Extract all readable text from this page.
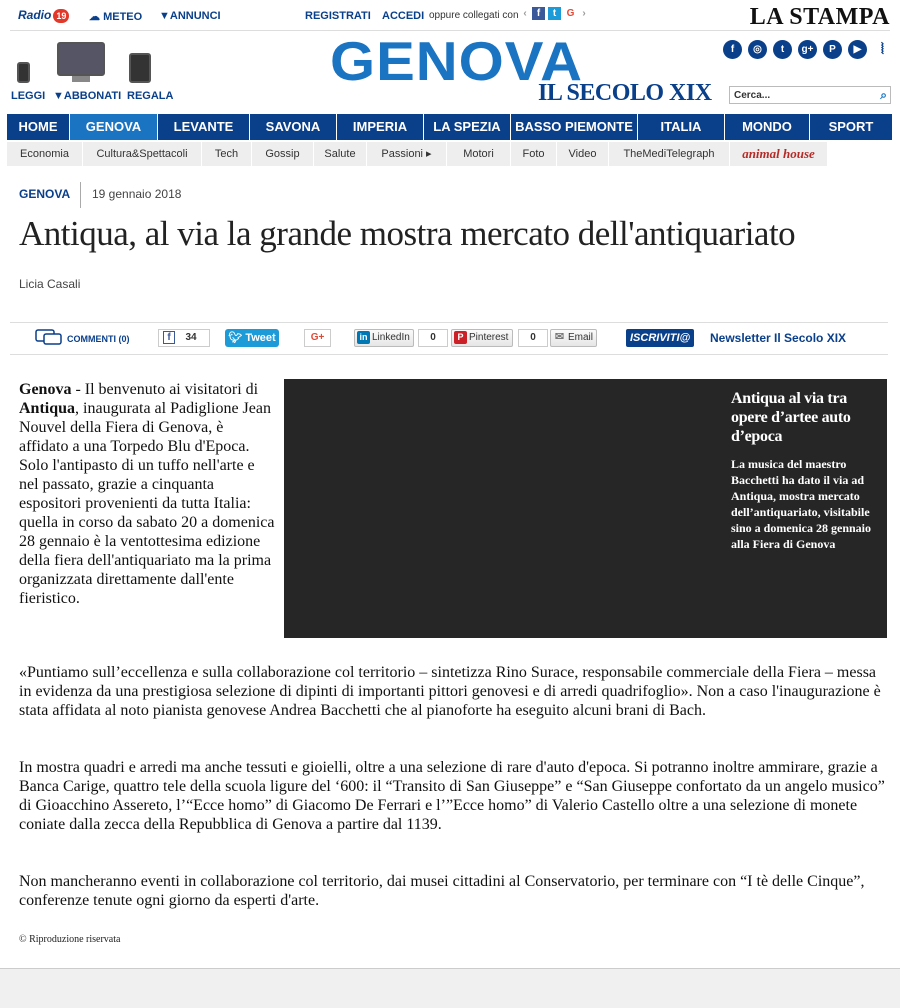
Radio 19 ☁ METEO ▼ANNUNCI	REGISTRATI ACCEDI oppure collegati con ‹	f	t	G ›	LA STAMPA
LEGGI ▼ABBONATI REGALA
GENOVA
IL SECOLO XIX
f	◎	t	g+	P	▶	⦚
Cerca...	⌕
HOME	GENOVA	LEVANTE	SAVONA	IMPERIA	LA SPEZIA	BASSO PIEMONTE	ITALIA	MONDO	SPORT
Economia	Cultura&Spettacoli	Tech	Gossip	Salute	Passioni ▸	Motori	Foto	Video	TheMediTelegraph	animal house
GENOVA 19 gennaio 2018
Antiqua, al via la grande mostra mercato dell'antiquariato
Licia Casali
COMMENTI (0)	f	34	🐦︎ Tweet	G+	in LinkedIn	0	P Pinterest	0	✉ Email	ISCRIVITI@	Newsletter Il Secolo XIX
Genova - Il benvenuto ai visitatori di Antiqua, inaugurata al Padiglione Jean Nouvel della Fiera di Genova, è affidato a una Torpedo Blu d'Epoca.
Solo l'antipasto di un tuffo nell'arte e nel passato, grazie a cinquanta espositori provenienti da tutta Italia: quella in corso da sabato 20 a domenica 28 gennaio è la ventottesima edizione della fiera dell'antiquariato ma la prima organizzata direttamente dall'ente fieristico.
Antiqua al via tra opere d’artee auto d’epoca
La musica del maestro Bacchetti ha dato il via ad Antiqua, mostra mercato dell’antiquariato, visitabile sino a domenica 28 gennaio alla Fiera di Genova

«Puntiamo sull’eccellenza e sulla collaborazione col territorio – sintetizza Rino Surace, responsabile commerciale della Fiera – messa in evidenza da una prestigiosa selezione di dipinti di importanti pittori genovesi e di arredi quadrifoglio». Non a caso l'inaugurazione è stata affidata al noto pianista genovese Andrea Bacchetti che al pianoforte ha eseguito alcuni brani di Bach.

In mostra quadri e arredi ma anche tessuti e gioielli, oltre a una selezione di rare d'auto d'epoca. Si potranno inoltre ammirare, grazie a Banca Carige, quattro tele della scuola ligure del ‘600: il “Transito di San Giuseppe” e “San Giuseppe confortato da un angelo musico” di Gioacchino Assereto, l’“Ecce homo” di Giacomo De Ferrari e l’”Ecce homo” di Valerio Castello oltre a una selezione di monete coniate dalla zecca della Repubblica di Genova a partire dal 1139.

Non mancheranno eventi in collaborazione col territorio, dai musei cittadini al Conservatorio, per terminare con “I tè delle Cinque”, conferenze tenute ogni giorno da esperti d'arte.

© Riproduzione riservata
